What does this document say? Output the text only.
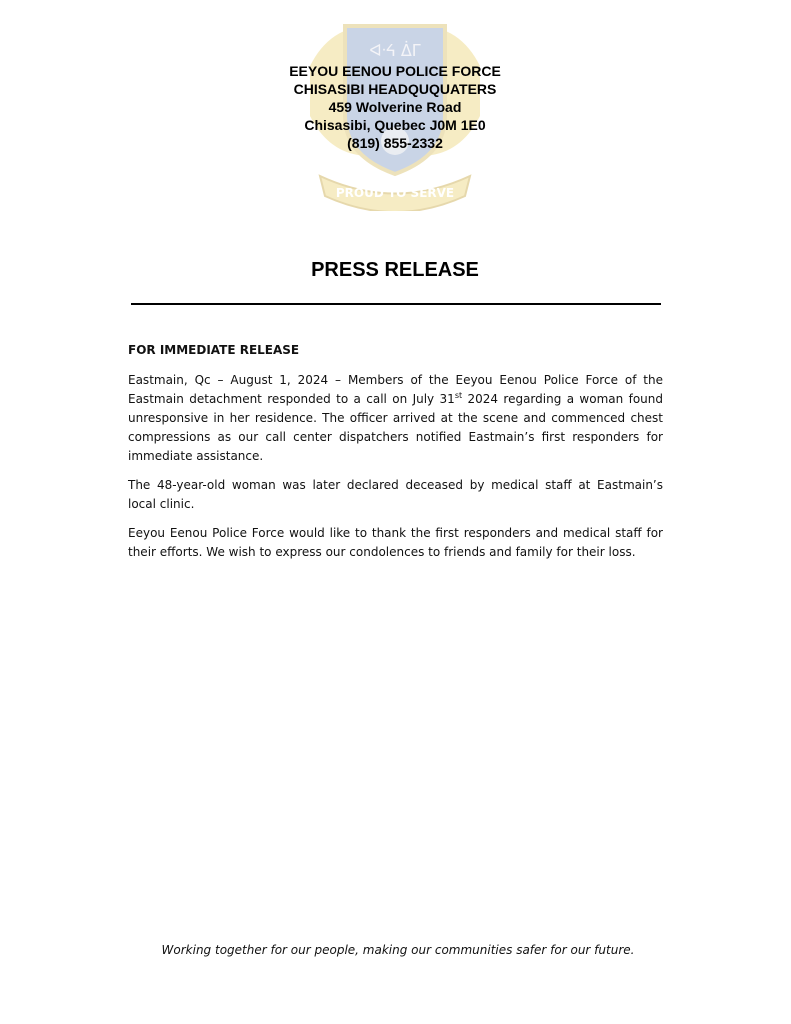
ᐊᐧᔦ ᐄᒥ
PROUD TO SERVE
EEYOU EENOU POLICE FORCE
CHISASIBI HEADQUQUATERS
459 Wolverine Road
Chisasibi, Quebec J0M 1E0
(819) 855-2332
PRESS RELEASE

FOR IMMEDIATE RELEASE

Eastmain, Qc – August 1, 2024 – Members of the Eeyou Eenou Police Force of the Eastmain detachment responded to a call on July 31st 2024 regarding a woman found unresponsive in her residence. The officer arrived at the scene and commenced chest compressions as our call center dispatchers notified Eastmain’s first responders for immediate assistance.

The 48-year-old woman was later declared deceased by medical staff at Eastmain’s local clinic.

Eeyou Eenou Police Force would like to thank the first responders and medical staff for their efforts. We wish to express our condolences to friends and family for their loss.

Working together for our people, making our communities safer for our future.
